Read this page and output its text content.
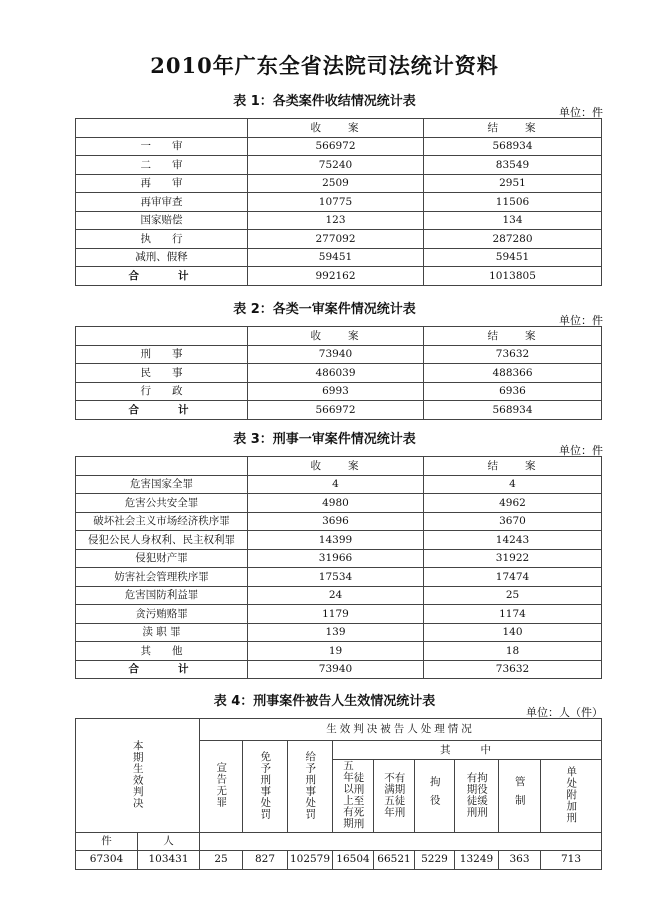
2010年广东全省法院司法统计资料
表 1：各类案件收结情况统计表
单位：件
	收　　案	结　　案
一　　审	566972	568934
二　　审	75240	83549
再　　审	2509	2951
再审审查	10775	11506
国家赔偿	123	134
执　　行	277092	287280
减刑、假释	59451	59451
合　　计	992162	1013805
表 2：各类一审案件情况统计表
单位：件
	收　　案	结　　案
刑　　事	73940	73632
民　　事	486039	488366
行　　政	6993	6936
合　　计	566972	568934
表 3：刑事一审案件情况统计表
单位：件
	收　　案	结　　案
危害国家全罪	4	4
危害公共安全罪	4980	4962
破坏社会主义市场经济秩序罪	3696	3670
侵犯公民人身权利、民主权利罪	14399	14243
侵犯财产罪	31966	31922
妨害社会管理秩序罪	17534	17474
危害国防利益罪	24	25
贪污贿赂罪	1179	1174
渎 职 罪	139	140
其　　他	19	18
合　　计	73940	73632
表 4：刑事案件被告人生效情况统计表
单位：人（件）
本期生效判决		生效判决被告人处理情况								
		宣告无罪	免予刑事处罚	给予刑事处罚	其　　中					
					五年以上有期徒刑至死刑	不满五年有期徒刑	拘役	有期徒刑拘役缓刑	管制	单处附加刑
件	人									
67304	103431	25	827	102579	16504	66521	5229	13249	363	713
